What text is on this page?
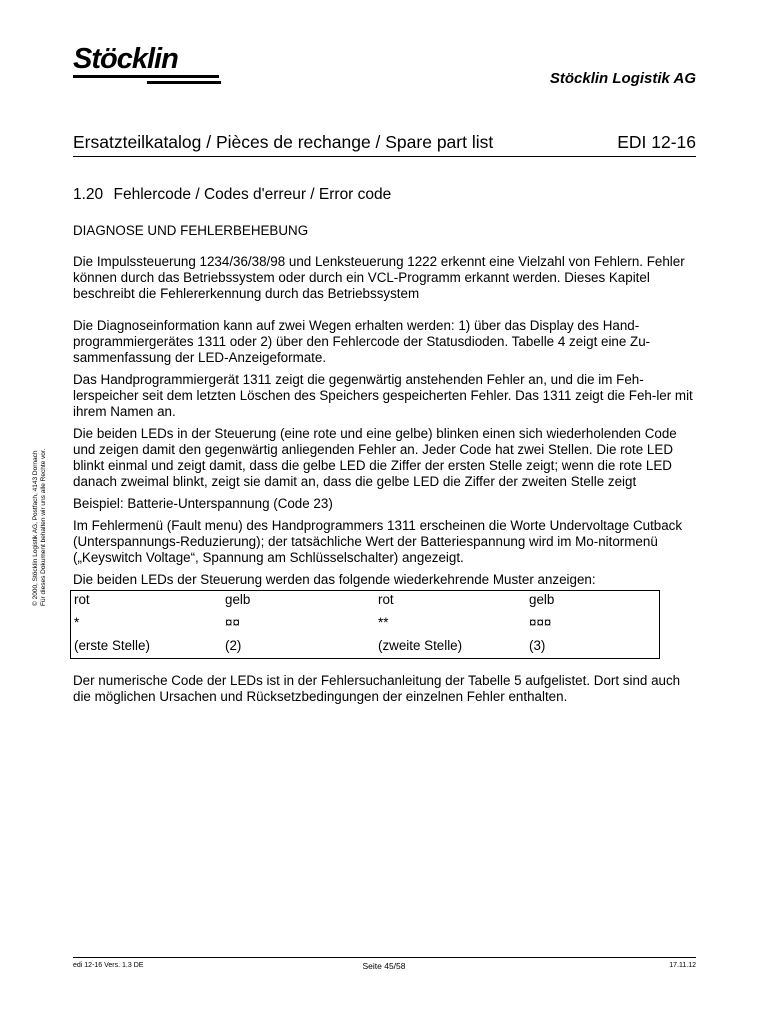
Stöcklin
Stöcklin Logistik AG
Ersatzteilkatalog / Pièces de rechange / Spare part list	EDI 12-16
1.20 Fehlercode / Codes d'erreur / Error code

DIAGNOSE UND FEHLERBEHEBUNG

Die Impulssteuerung 1234/36/38/98 und Lenksteuerung 1222 erkennt eine Vielzahl von Fehlern. Fehler können durch das Betriebssystem oder durch ein VCL-Programm erkannt werden. Dieses Kapitel beschreibt die Fehlererkennung durch das Betriebssystem

Die Diagnoseinformation kann auf zwei Wegen erhalten werden: 1) über das Display des Hand-programmiergerätes 1311 oder 2) über den Fehlercode der Statusdioden. Tabelle 4 zeigt eine Zu-sammenfassung der LED-Anzeigeformate.

Das Handprogrammiergerät 1311 zeigt die gegenwärtig anstehenden Fehler an, und die im Feh-lerspeicher seit dem letzten Löschen des Speichers gespeicherten Fehler. Das 1311 zeigt die Feh-ler mit ihrem Namen an.

Die beiden LEDs in der Steuerung (eine rote und eine gelbe) blinken einen sich wiederholenden Code und zeigen damit den gegenwärtig anliegenden Fehler an. Jeder Code hat zwei Stellen. Die rote LED blinkt einmal und zeigt damit, dass die gelbe LED die Ziffer der ersten Stelle zeigt; wenn die rote LED danach zweimal blinkt, zeigt sie damit an, dass die gelbe LED die Ziffer der zweiten Stelle zeigt

Beispiel: Batterie-Unterspannung (Code 23)

Im Fehlermenü (Fault menu) des Handprogrammers 1311 erscheinen die Worte Undervoltage Cutback (Unterspannungs-Reduzierung); der tatsächliche Wert der Batteriespannung wird im Mo-nitormenü („Keyswitch Voltage“, Spannung am Schlüsselschalter) angezeigt.

Die beiden LEDs der Steuerung werden das folgende wiederkehrende Muster anzeigen:

rot	gelb	rot	gelb
*	¤¤	**	¤¤¤
(erste Stelle)	(2)	(zweite Stelle)	(3)

Der numerische Code der LEDs ist in der Fehlersuchanleitung der Tabelle 5 aufgelistet. Dort sind auch die möglichen Ursachen und Rücksetzbedingungen der einzelnen Fehler enthalten.

© 2000, Stöcklin Logistik AG, Postfach, 4143 Dornach Für dieses Dokument behalten wir uns alle Rechte vor.
edi 12-16 Vers. 1.3 DE	Seite 45/58	17.11.12
